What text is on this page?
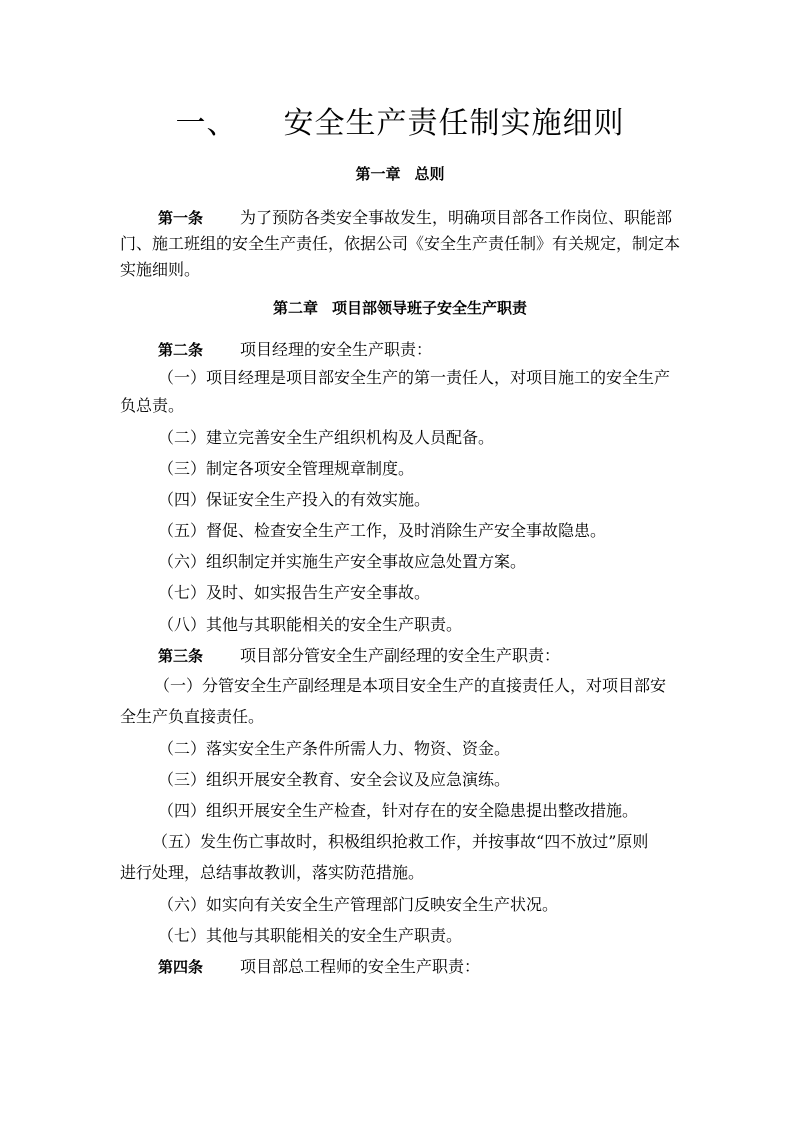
一、 安全生产责任制实施细则
第一章 总则
第一条 为了预防各类安全事故发生，明确项目部各工作岗位、职能部
门、施工班组的安全生产责任，依据公司《安全生产责任制》有关规定，制定本
实施细则。
第二章 项目部领导班子安全生产职责
第二条 项目经理的安全生产职责：
（一）项目经理是项目部安全生产的第一责任人，对项目施工的安全生产
负总责。
（二）建立完善安全生产组织机构及人员配备。
（三）制定各项安全管理规章制度。
（四）保证安全生产投入的有效实施。
（五）督促、检查安全生产工作，及时消除生产安全事故隐患。
（六）组织制定并实施生产安全事故应急处置方案。
（七）及时、如实报告生产安全事故。
（八）其他与其职能相关的安全生产职责。
第三条 项目部分管安全生产副经理的安全生产职责：
（一）分管安全生产副经理是本项目安全生产的直接责任人，对项目部安
全生产负直接责任。
（二）落实安全生产条件所需人力、物资、资金。
（三）组织开展安全教育、安全会议及应急演练。
（四）组织开展安全生产检查，针对存在的安全隐患提出整改措施。
（五）发生伤亡事故时，积极组织抢救工作，并按事故“四不放过”原则
进行处理，总结事故教训，落实防范措施。
（六）如实向有关安全生产管理部门反映安全生产状况。
（七）其他与其职能相关的安全生产职责。
第四条 项目部总工程师的安全生产职责：
